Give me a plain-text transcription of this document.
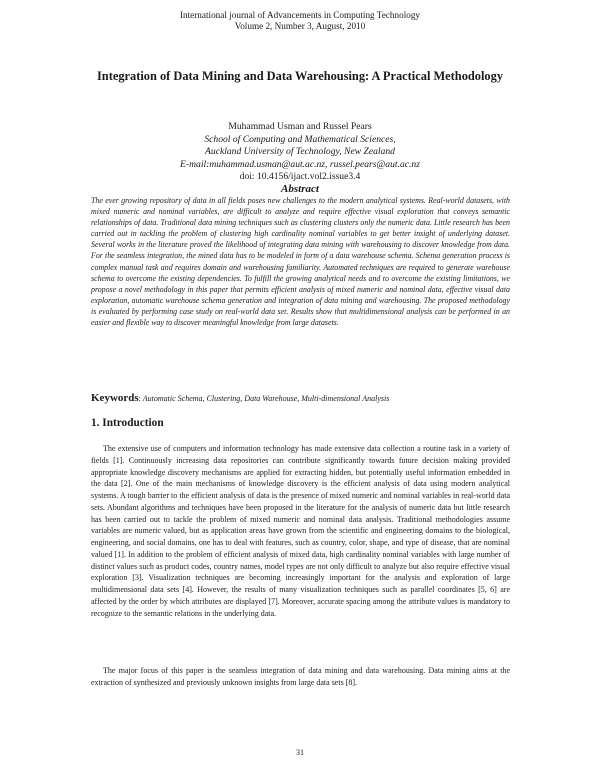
International journal of Advancements in Computing Technology
Volume 2, Number 3, August, 2010
Integration of Data Mining and Data Warehousing: A Practical Methodology
Muhammad Usman and Russel Pears
School of Computing and Mathematical Sciences,
Auckland University of Technology, New Zealand
E-mail:muhammad.usman@aut.ac.nz, russel.pears@aut.ac.nz
doi: 10.4156/ijact.vol2.issue3.4
Abstract
The ever growing repository of data in all fields poses new challenges to the modern analytical systems. Real-world datasets, with mixed numeric and nominal variables, are difficult to analyze and require effective visual exploration that conveys semantic relationships of data. Traditional data mining techniques such as clustering clusters only the numeric data. Little research has been carried out in tackling the problem of clustering high cardinality nominal variables to get better insight of underlying dataset. Several works in the literature proved the likelihood of integrating data mining with warehousing to discover knowledge from data. For the seamless integration, the mined data has to be modeled in form of a data warehouse schema. Schema generation process is complex manual task and requires domain and warehousing familiarity. Automated techniques are required to generate warehouse schema to overcome the existing dependencies. To fulfill the growing analytical needs and to overcome the existing limitations, we propose a novel methodology in this paper that permits efficient analysis of mixed numeric and nominal data, effective visual data exploration, automatic warehouse schema generation and integration of data mining and warehousing. The proposed methodology is evaluated by performing case study on real-world data set. Results show that multidimensional analysis can be performed in an easier and flexible way to discover meaningful knowledge from large datasets.
Keywords: Automatic Schema, Clustering, Data Warehouse, Multi-dimensional Analysis
1. Introduction
The extensive use of computers and information technology has made extensive data collection a routine task in a variety of fields [1]. Continuously increasing data repositories can contribute significantly towards future decision making provided appropriate knowledge discovery mechanisms are applied for extracting hidden, but potentially useful information embedded in the data [2]. One of the main mechanisms of knowledge discovery is the efficient analysis of data using modern analytical systems. A tough barrier to the efficient analysis of data is the presence of mixed numeric and nominal variables in real-world data sets. Abundant algorithms and techniques have been proposed in the literature for the analysis of numeric data but little research has been carried out to tackle the problem of mixed numeric and nominal data analysis. Traditional methodologies assume variables are numeric valued, but as application areas have grown from the scientific and engineering domains to the biological, engineering, and social domains, one has to deal with features, such as country, color, shape, and type of disease, that are nominal valued [1]. In addition to the problem of efficient analysis of mixed data, high cardinality nominal variables with large number of distinct values such as product codes, country names, model types are not only difficult to analyze but also require effective visual exploration [3]. Visualization techniques are becoming increasingly important for the analysis and exploration of large multidimensional data sets [4]. However, the results of many visualization techniques such as parallel coordinates [5, 6] are affected by the order by which attributes are displayed [7]. Moreover, accurate spacing among the attribute values is mandatory to recognize to the semantic relations in the underlying data.
The major focus of this paper is the seamless integration of data mining and data warehousing. Data mining aims at the extraction of synthesized and previously unknown insights from large data sets [8].
31
